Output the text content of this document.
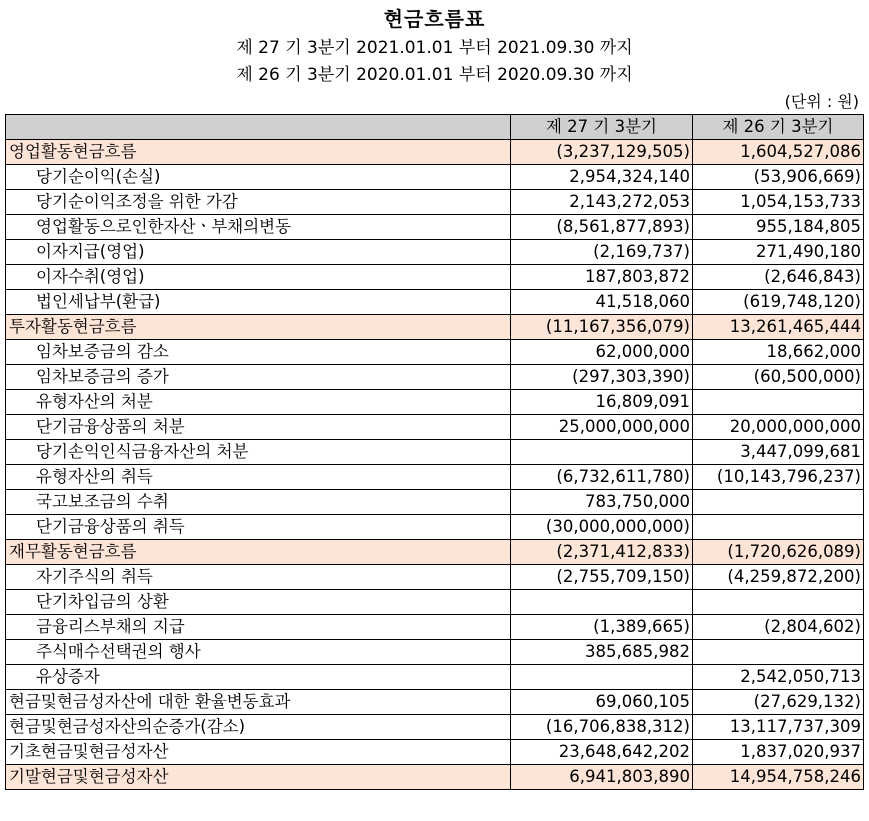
현금흐름표
제 27 기 3분기 2021.01.01 부터 2021.09.30 까지
제 26 기 3분기 2020.01.01 부터 2020.09.30 까지
(단위 : 원)
	제 27 기 3분기	제 26 기 3분기
영업활동현금흐름	(3,237,129,505)	1,604,527,086
당기순이익(손실)	2,954,324,140	(53,906,669)
당기순이익조정을 위한 가감	2,143,272,053	1,054,153,733
영업활동으로인한자산ㆍ부채의변동	(8,561,877,893)	955,184,805
이자지급(영업)	(2,169,737)	271,490,180
이자수취(영업)	187,803,872	(2,646,843)
법인세납부(환급)	41,518,060	(619,748,120)
투자활동현금흐름	(11,167,356,079)	13,261,465,444
임차보증금의 감소	62,000,000	18,662,000
임차보증금의 증가	(297,303,390)	(60,500,000)
유형자산의 처분	16,809,091	
단기금융상품의 처분	25,000,000,000	20,000,000,000
당기손익인식금융자산의 처분		3,447,099,681
유형자산의 취득	(6,732,611,780)	(10,143,796,237)
국고보조금의 수취	783,750,000	
단기금융상품의 취득	(30,000,000,000)	
재무활동현금흐름	(2,371,412,833)	(1,720,626,089)
자기주식의 취득	(2,755,709,150)	(4,259,872,200)
단기차입금의 상환		
금융리스부채의 지급	(1,389,665)	(2,804,602)
주식매수선택권의 행사	385,685,982	
유상증자		2,542,050,713
현금및현금성자산에 대한 환율변동효과	69,060,105	(27,629,132)
현금및현금성자산의순증가(감소)	(16,706,838,312)	13,117,737,309
기초현금및현금성자산	23,648,642,202	1,837,020,937
기말현금및현금성자산	6,941,803,890	14,954,758,246
